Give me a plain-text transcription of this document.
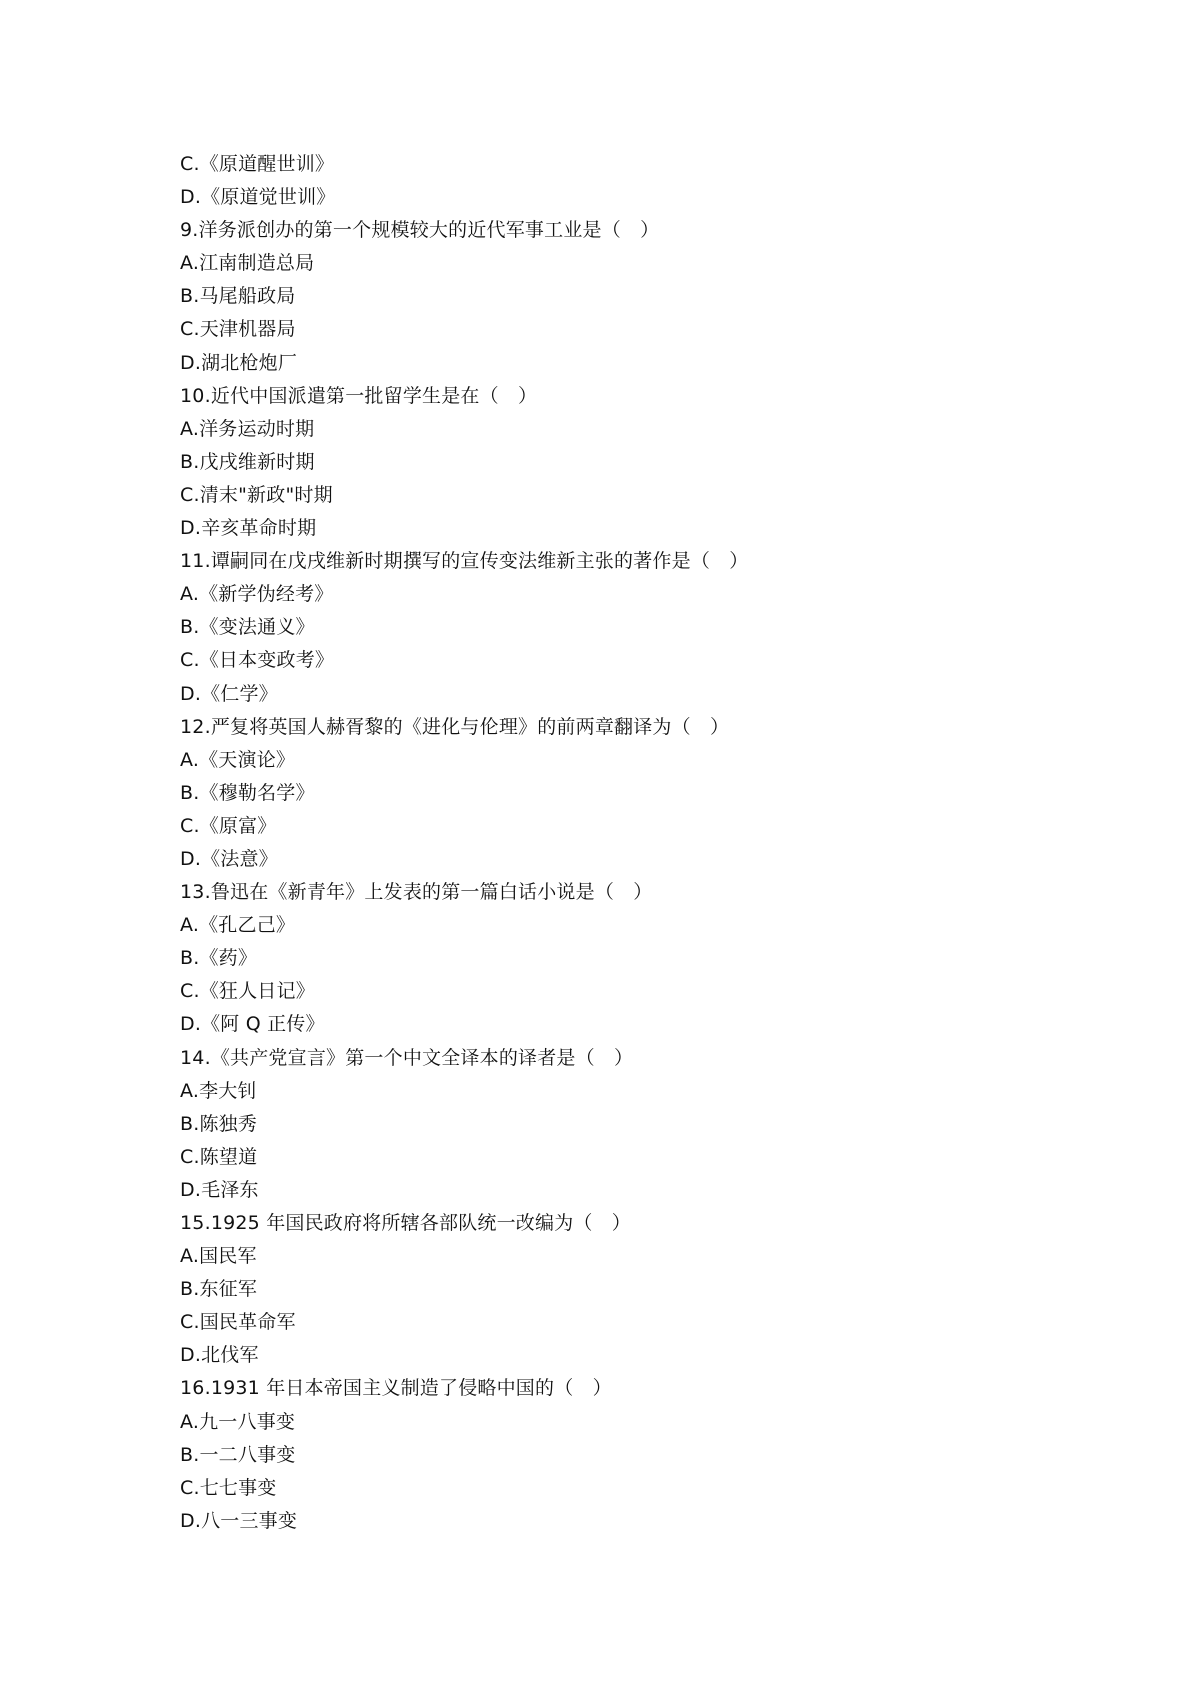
C.《原道醒世训》
D.《原道觉世训》
9.洋务派创办的第一个规模较大的近代军事工业是（　）
A.江南制造总局
B.马尾船政局
C.天津机器局
D.湖北枪炮厂
10.近代中国派遣第一批留学生是在（　）
A.洋务运动时期
B.戊戌维新时期
C.清末"新政"时期
D.辛亥革命时期
11.谭嗣同在戊戌维新时期撰写的宣传变法维新主张的著作是（　）
A.《新学伪经考》
B.《变法通义》
C.《日本变政考》
D.《仁学》
12.严复将英国人赫胥黎的《进化与伦理》的前两章翻译为（　）
A.《天演论》
B.《穆勒名学》
C.《原富》
D.《法意》
13.鲁迅在《新青年》上发表的第一篇白话小说是（　）
A.《孔乙己》
B.《药》
C.《狂人日记》
D.《阿 Q 正传》
14.《共产党宣言》第一个中文全译本的译者是（　）
A.李大钊
B.陈独秀
C.陈望道
D.毛泽东
15.1925 年国民政府将所辖各部队统一改编为（　）
A.国民军
B.东征军
C.国民革命军
D.北伐军
16.1931 年日本帝国主义制造了侵略中国的（　）
A.九一八事变
B.一二八事变
C.七七事变
D.八一三事变
